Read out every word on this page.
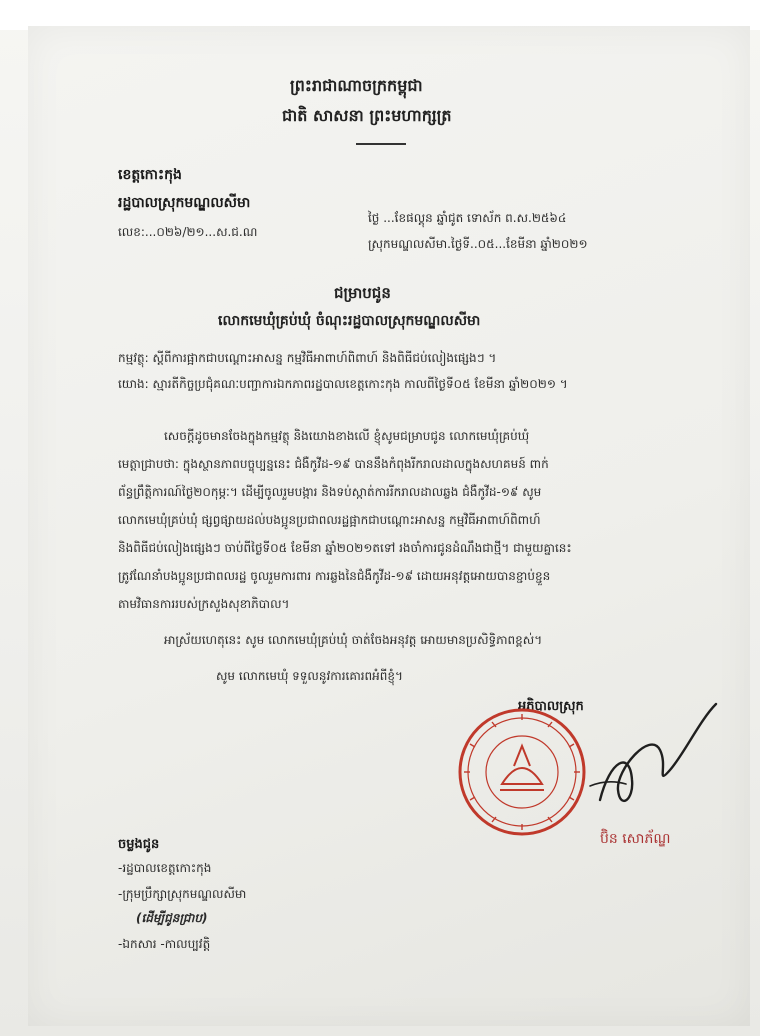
ព្រះរាជាណាចក្រកម្ពុជា
ជាតិ សាសនា ព្រះមហាក្សត្រ
ខេត្តកោះកុង
រដ្ឋបាលស្រុកមណ្ឌលសីមា
លេខ:...០២៦/២១...ស.ជ.ណ
ថ្ងៃ ...ខែផល្គុន ឆ្នាំជូត ទោស័ក ព.ស.២៥៦៤
ស្រុកមណ្ឌលសីមា.ថ្ងៃទី..០៥...ខែមីនា ឆ្នាំ២០២១
ជម្រាបជូន
លោកមេឃុំគ្រប់ឃុំ ចំណុះរដ្ឋបាលស្រុកមណ្ឌលសីមា
កម្មវត្ថុ: ស្តីពីការផ្អាកជាបណ្តោះអាសន្ន កម្មវិធីអាពាហ៍ពិពាហ៍ និងពិធីជប់លៀងផ្សេងៗ ។
យោង: ស្មារតីកិច្ចប្រជុំគណៈបញ្ជាការឯកភាពរដ្ឋបាលខេត្តកោះកុង កាលពីថ្ងៃទី០៥ ខែមីនា ឆ្នាំ២០២១ ។
សេចក្តីដូចមានចែងក្នុងកម្មវត្ថុ និងយោងខាងលើ ខ្ញុំសូមជម្រាបជូន លោកមេឃុំគ្រប់ឃុំ
មេត្តាជ្រាបថា: ក្នុងស្ថានភាពបច្ចុប្បន្ននេះ ជំងឺកូវីដ-១៩ បាននឹងកំពុងរីករាលដាលក្នុងសហគមន៍ ពាក់
ព័ន្ធព្រឹត្តិការណ៍ថ្ងៃ២០កុម្ភៈ។ ដើម្បីចូលរួមបង្ការ និងទប់ស្កាត់ការរីករាលដាលឆ្លង ជំងឺកូវីដ-១៩ សូម
លោកមេឃុំគ្រប់ឃុំ ផ្សព្វផ្សាយដល់បងប្អូនប្រជាពលរដ្ឋផ្អាកជាបណ្តោះអាសន្ន កម្មវិធីអាពាហ៍ពិពាហ៍
និងពិធីជប់លៀងផ្សេងៗ ចាប់ពីថ្ងៃទី០៥ ខែមីនា ឆ្នាំ២០២១តទៅ រងចាំការជូនដំណឹងជាថ្មី។ ជាមួយគ្នានេះ
ត្រូវណែនាំបងប្អូនប្រជាពលរដ្ឋ ចូលរួមការពារ ការឆ្លងនៃជំងឺកូវីដ-១៩ ដោយអនុវត្តអោយបានខ្ជាប់ខ្ជួន
តាមវិធានការរបស់ក្រសួងសុខាភិបាល។
អាស្រ័យហេតុនេះ សូម លោកមេឃុំគ្រប់ឃុំ ចាត់ចែងអនុវត្ត អោយមានប្រសិទ្ធិភាពខ្ពស់។
សូម លោកមេឃុំ ទទួលនូវការគោរពអំពីខ្ញុំ។
អភិបាលស្រុក
ប៊ិន សោភ័ណ្ឌ
ចម្លងជូន
-រដ្ឋបាលខេត្តកោះកុង
-ក្រុមប្រឹក្សាស្រុកមណ្ឌលសីមា
(ដើម្បីជូនជ្រាប)
-ឯកសារ -កាលប្បវត្តិ
